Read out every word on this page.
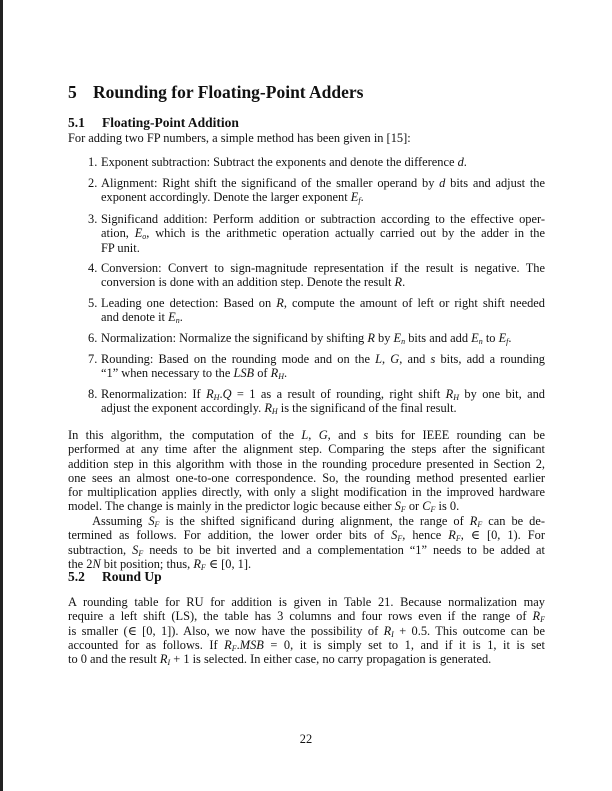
5 Rounding for Floating-Point Adders
5.1 Floating-Point Addition
For adding two FP numbers, a simple method has been given in [15]:
1. Exponent subtraction: Subtract the exponents and denote the difference d.
2. Alignment: Right shift the significand of the smaller operand by d bits and adjust the
exponent accordingly. Denote the larger exponent $E_f$.
3. Significand addition: Perform addition or subtraction according to the effective oper-
ation, $E_o$, which is the arithmetic operation actually carried out by the adder in the
FP unit.
4. Conversion: Convert to sign-magnitude representation if the result is negative. The
conversion is done with an addition step. Denote the result R.
5. Leading one detection: Based on R, compute the amount of left or right shift needed
and denote it $E_n$.
6. Normalization: Normalize the significand by shifting R by $E_n$ bits and add $E_n$ to $E_f$.
7. Rounding: Based on the rounding mode and on the L, G, and s bits, add a rounding
“1” when necessary to the LSB of $R_H$.
8. Renormalization: If $R_H.Q = 1$ as a result of rounding, right shift $R_H$ by one bit, and
adjust the exponent accordingly. $R_H$ is the significand of the final result.
In this algorithm, the computation of the L, G, and s bits for IEEE rounding can be
performed at any time after the alignment step. Comparing the steps after the significant
addition step in this algorithm with those in the rounding procedure presented in Section 2,
one sees an almost one-to-one correspondence. So, the rounding method presented earlier
for multiplication applies directly, with only a slight modification in the improved hardware
model. The change is mainly in the predictor logic because either $S_F$ or $C_F$ is 0.
Assuming $S_F$ is the shifted significand during alignment, the range of $R_F$ can be de-
termined as follows. For addition, the lower order bits of $S_F$, hence $R_F$, ∈ [0, 1). For
subtraction, $S_F$ needs to be bit inverted and a complementation “1” needs to be added at
the 2N bit position; thus, $R_F$ ∈ [0, 1].
5.2 Round Up
A rounding table for RU for addition is given in Table 21. Because normalization may
require a left shift (LS), the table has 3 columns and four rows even if the range of $R_F$
is smaller (∈ [0, 1]). Also, we now have the possibility of $R_I + 0.5$. This outcome can be
accounted for as follows. If $R_F.MSB = 0$, it is simply set to 1, and if it is 1, it is set
to 0 and the result $R_I + 1$ is selected. In either case, no carry propagation is generated.
22
